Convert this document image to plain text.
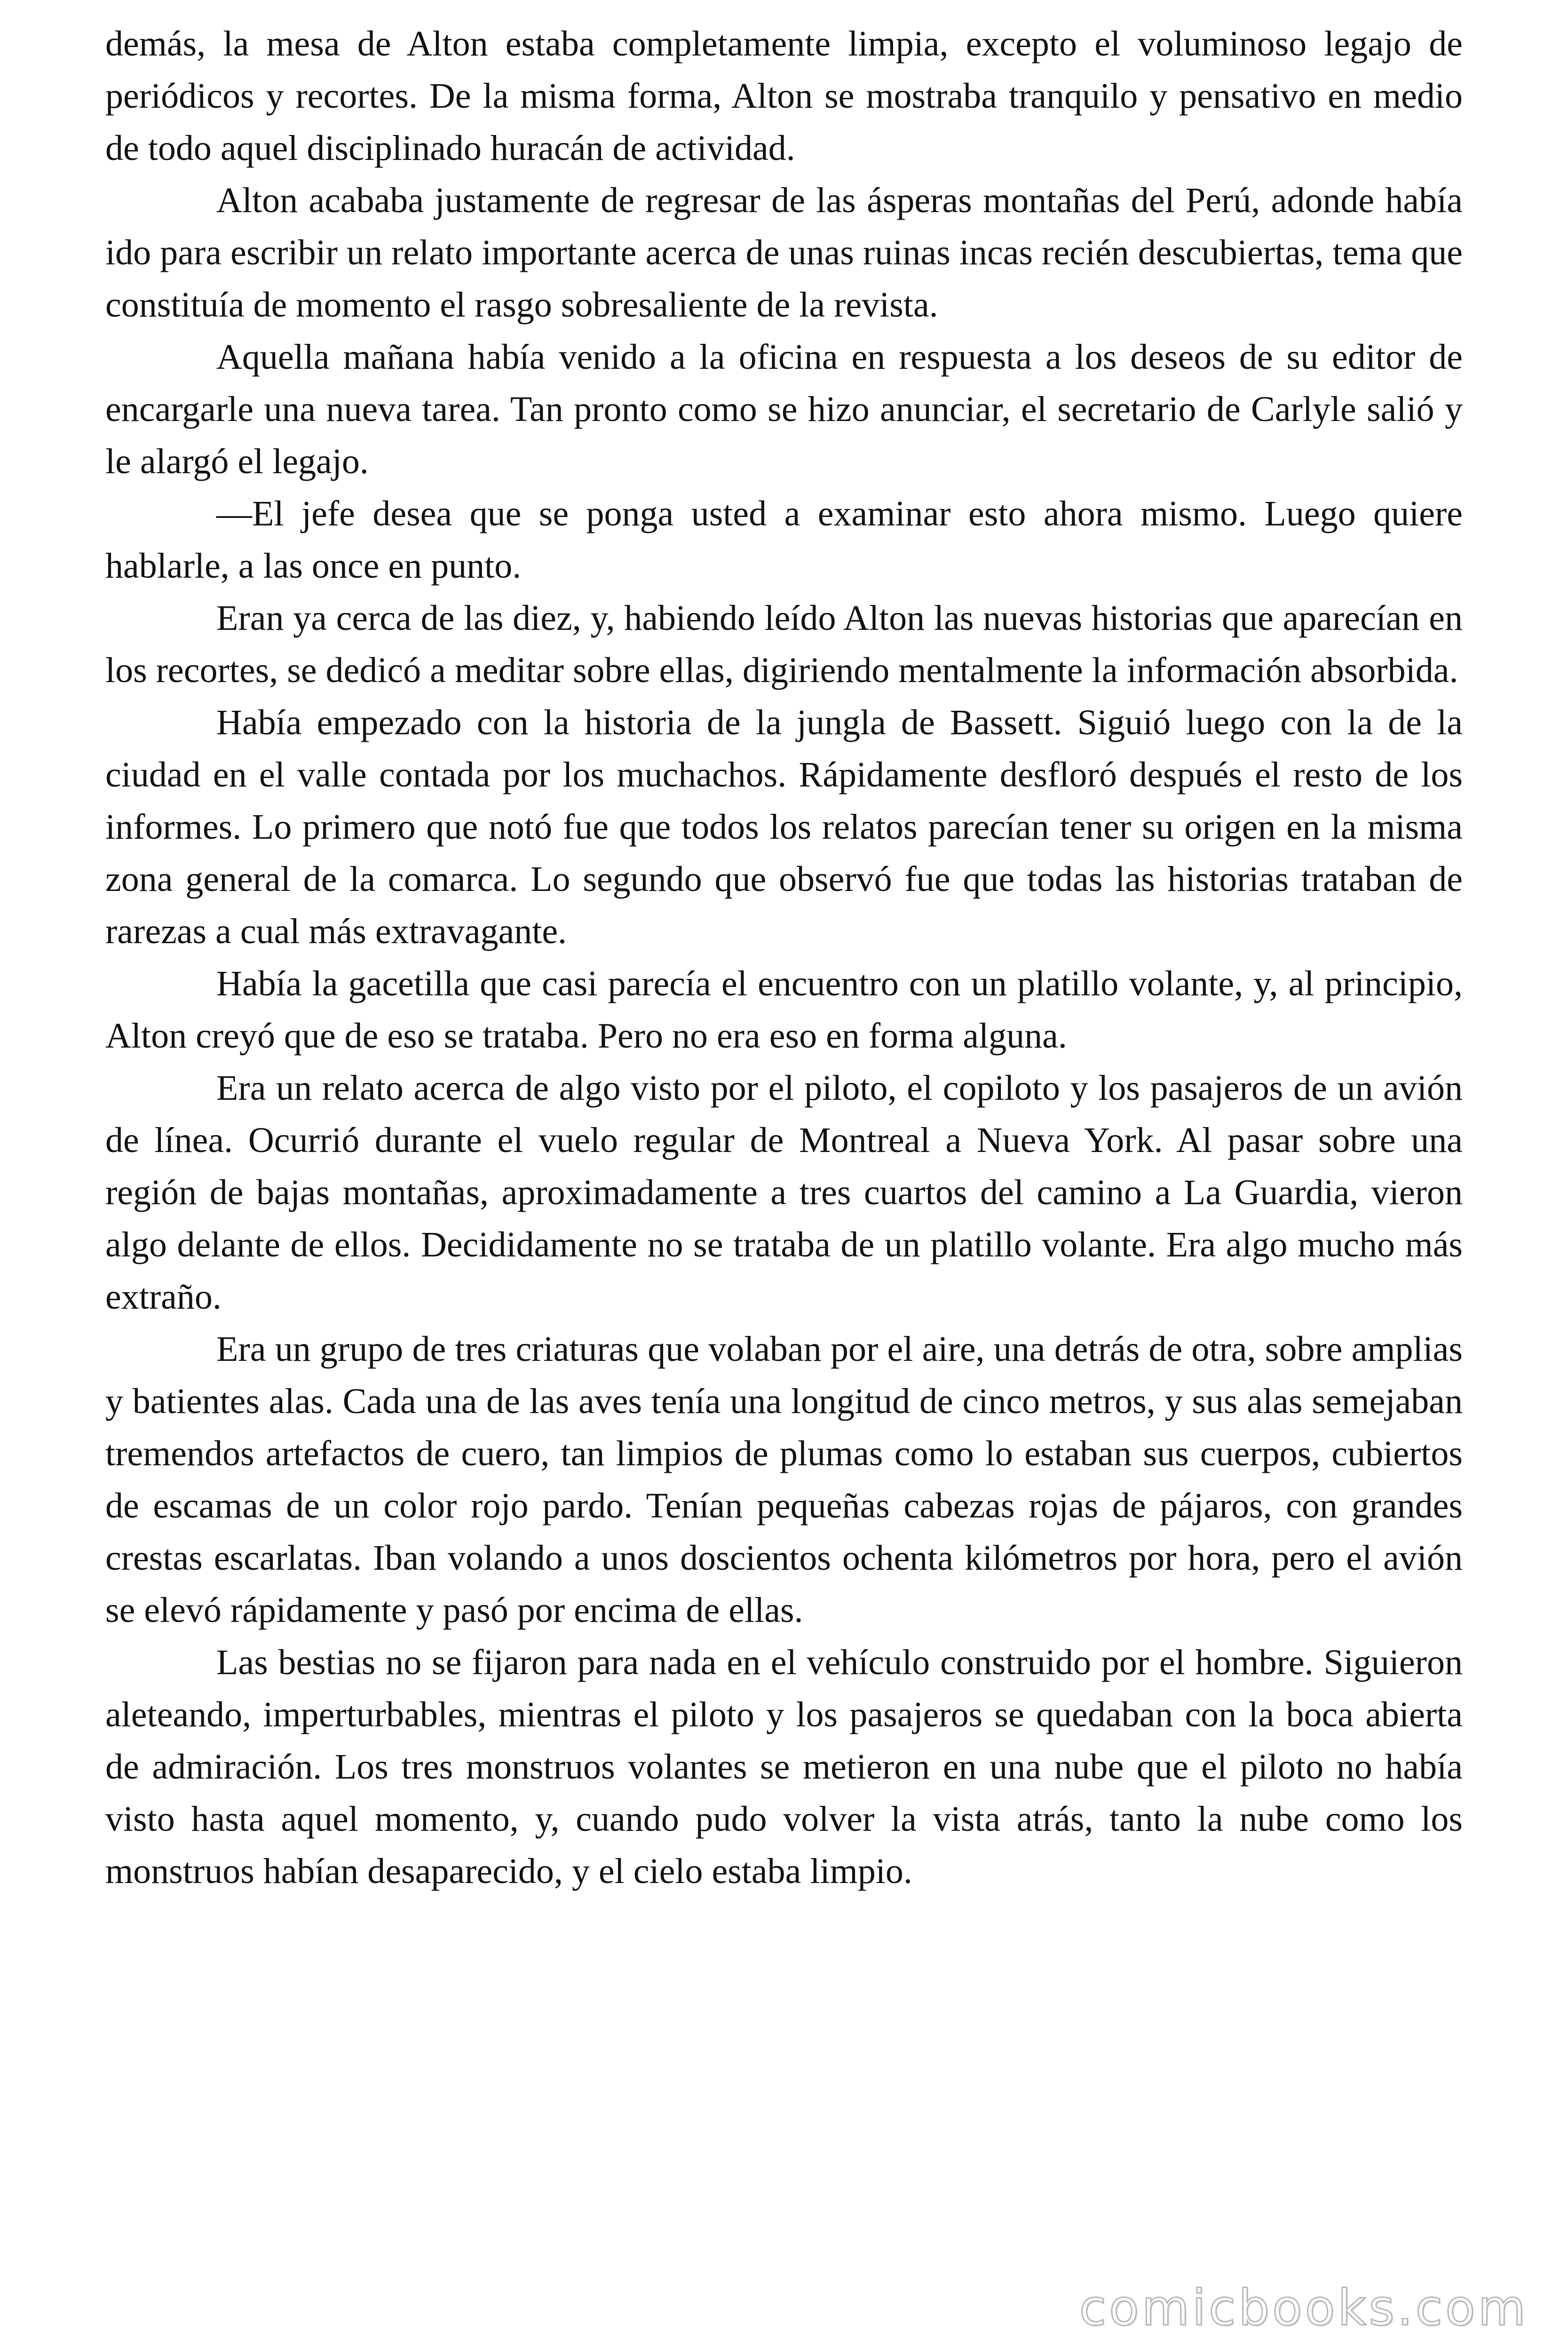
demás, la mesa de Alton estaba completamente limpia, excepto el voluminoso legajo de periódicos y recortes. De la misma forma, Alton se mostraba tranquilo y pensativo en medio de todo aquel disciplinado huracán de actividad.

Alton acababa justamente de regresar de las ásperas montañas del Perú, adonde había ido para escribir un relato importante acerca de unas ruinas incas recién descubiertas, tema que constituía de momento el rasgo sobresaliente de la revista.

Aquella mañana había venido a la oficina en respuesta a los deseos de su editor de encargarle una nueva tarea. Tan pronto como se hizo anunciar, el secretario de Carlyle salió y le alargó el legajo.

—El jefe desea que se ponga usted a examinar esto ahora mismo. Luego quiere hablarle, a las once en punto.

Eran ya cerca de las diez, y, habiendo leído Alton las nuevas historias que aparecían en los recortes, se dedicó a meditar sobre ellas, digiriendo mentalmente la información absorbida.

Había empezado con la historia de la jungla de Bassett. Siguió luego con la de la ciudad en el valle contada por los muchachos. Rápidamente desfloró después el resto de los informes. Lo primero que notó fue que todos los relatos parecían tener su origen en la misma zona general de la comarca. Lo segundo que observó fue que todas las historias trataban de rarezas a cual más extravagante.

Había la gacetilla que casi parecía el encuentro con un platillo volante, y, al principio, Alton creyó que de eso se trataba. Pero no era eso en forma alguna.

Era un relato acerca de algo visto por el piloto, el copiloto y los pasajeros de un avión de línea. Ocurrió durante el vuelo regular de Montreal a Nueva York. Al pasar sobre una región de bajas montañas, aproximadamente a tres cuartos del camino a La Guardia, vieron algo delante de ellos. Decididamente no se trataba de un platillo volante. Era algo mucho más extraño.

Era un grupo de tres criaturas que volaban por el aire, una detrás de otra, sobre amplias y batientes alas. Cada una de las aves tenía una longitud de cinco metros, y sus alas semejaban tremendos artefactos de cuero, tan limpios de plumas como lo estaban sus cuerpos, cubiertos de escamas de un color rojo pardo. Tenían pequeñas cabezas rojas de pájaros, con grandes crestas escarlatas. Iban volando a unos doscientos ochenta kilómetros por hora, pero el avión se elevó rápidamente y pasó por encima de ellas.

Las bestias no se fijaron para nada en el vehículo construido por el hombre. Siguieron aleteando, imperturbables, mientras el piloto y los pasajeros se quedaban con la boca abierta de admiración. Los tres monstruos volantes se metieron en una nube que el piloto no había visto hasta aquel momento, y, cuando pudo volver la vista atrás, tanto la nube como los monstruos habían desaparecido, y el cielo estaba limpio.

comicbooks.com
